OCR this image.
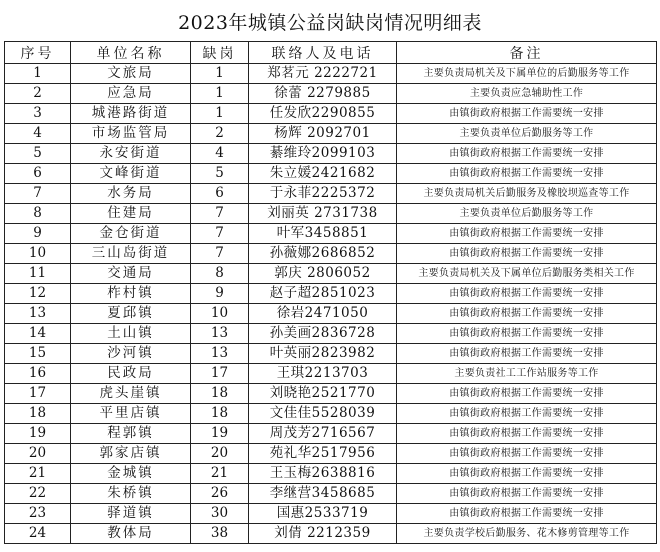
2023年城镇公益岗缺岗情况明细表
序号	单位名称	缺岗	联络人及电话	备注
1	文旅局	1	郑茗元 2222721	主要负责局机关及下属单位的后勤服务等工作
2	应急局	1	徐蕾 2279885	主要负责应急辅助性工作
3	城港路街道	1	任发欣2290855	由镇街政府根据工作需要统一安排
4	市场监管局	2	杨辉 2092701	主要负责单位后勤服务等工作
5	永安街道	4	綦维玲2099103	由镇街政府根据工作需要统一安排
6	文峰街道	5	朱立媛2421682	由镇街政府根据工作需要统一安排
7	水务局	6	于永菲2225372	主要负责局机关后勤服务及橡胶坝巡查等工作
8	住建局	7	刘丽英 2731738	主要负责单位后勤服务等工作
9	金仓街道	7	叶军3458851	由镇街政府根据工作需要统一安排
10	三山岛街道	7	孙薇娜2686852	由镇街政府根据工作需要统一安排
11	交通局	8	郭庆 2806052	主要负责局机关及下属单位后勤服务类相关工作
12	柞村镇	9	赵子超2851023	由镇街政府根据工作需要统一安排
13	夏邱镇	10	徐岩2471050	由镇街政府根据工作需要统一安排
14	土山镇	13	孙美画2836728	由镇街政府根据工作需要统一安排
15	沙河镇	13	叶英丽2823982	由镇街政府根据工作需要统一安排
16	民政局	17	王琪2213703	主要负责社工工作站服务等工作
17	虎头崖镇	18	刘晓艳2521770	由镇街政府根据工作需要统一安排
18	平里店镇	18	文佳佳5528039	由镇街政府根据工作需要统一安排
19	程郭镇	19	周茂芳2716567	由镇街政府根据工作需要统一安排
20	郭家店镇	20	苑礼华2517956	由镇街政府根据工作需要统一安排
21	金城镇	21	王玉梅2638816	由镇街政府根据工作需要统一安排
22	朱桥镇	26	李继营3458685	由镇街政府根据工作需要统一安排
23	驿道镇	30	国惠2533719	由镇街政府根据工作需要统一安排
24	教体局	38	刘倩 2212359	主要负责学校后勤服务、花木修剪管理等工作
